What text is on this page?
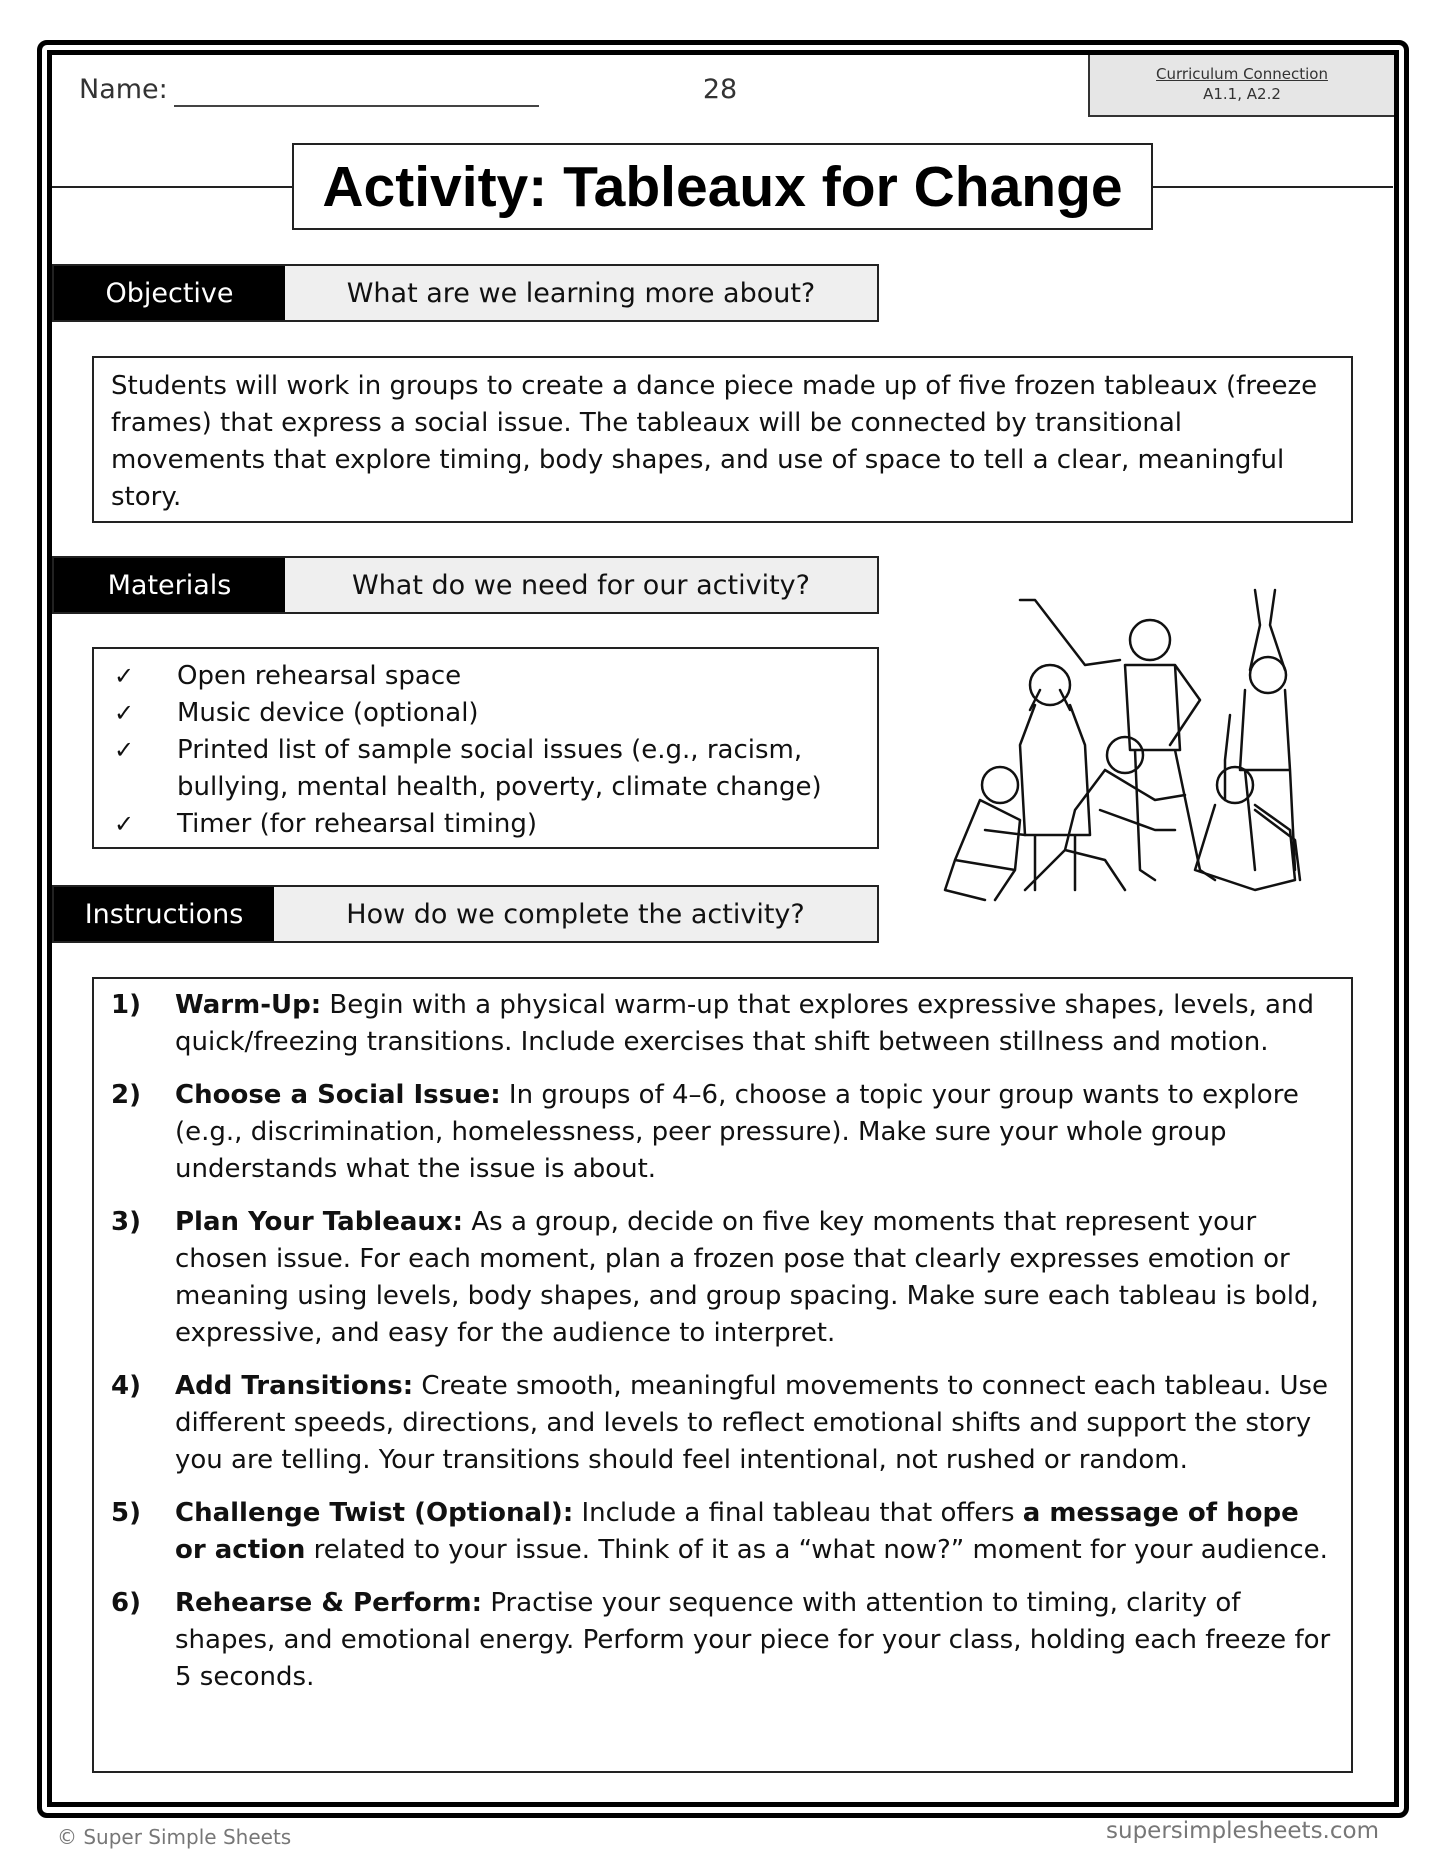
Name:	28	Curriculum Connection
A1.1, A2.2
Activity: Tableaux for Change
Objective	What are we learning more about?

Students will work in groups to create a dance piece made up of five frozen tableaux (freeze frames) that express a social issue. The tableaux will be connected by transitional movements that explore timing, body shapes, and use of space to tell a clear, meaningful story.

Materials	What do we need for our activity?
✓	Open rehearsal space
✓	Music device (optional)
✓	Printed list of sample social issues (e.g., racism, bullying, mental health, poverty, climate change)
✓	Timer (for rehearsal timing)
Instructions	How do we complete the activity?
1)	Warm-Up: Begin with a physical warm-up that explores expressive shapes, levels, and quick/freezing transitions. Include exercises that shift between stillness and motion.
2)	Choose a Social Issue: In groups of 4–6, choose a topic your group wants to explore (e.g., discrimination, homelessness, peer pressure). Make sure your whole group understands what the issue is about.
3)	Plan Your Tableaux: As a group, decide on five key moments that represent your chosen issue. For each moment, plan a frozen pose that clearly expresses emotion or meaning using levels, body shapes, and group spacing. Make sure each tableau is bold, expressive, and easy for the audience to interpret.
4)	Add Transitions: Create smooth, meaningful movements to connect each tableau. Use different speeds, directions, and levels to reflect emotional shifts and support the story you are telling. Your transitions should feel intentional, not rushed or random.
5)	Challenge Twist (Optional): Include a final tableau that offers a message of hope or action related to your issue. Think of it as a “what now?” moment for your audience.
6)	Rehearse & Perform: Practise your sequence with attention to timing, clarity of shapes, and emotional energy. Perform your piece for your class, holding each freeze for 5 seconds.
© Super Simple Sheets	supersimplesheets.com
